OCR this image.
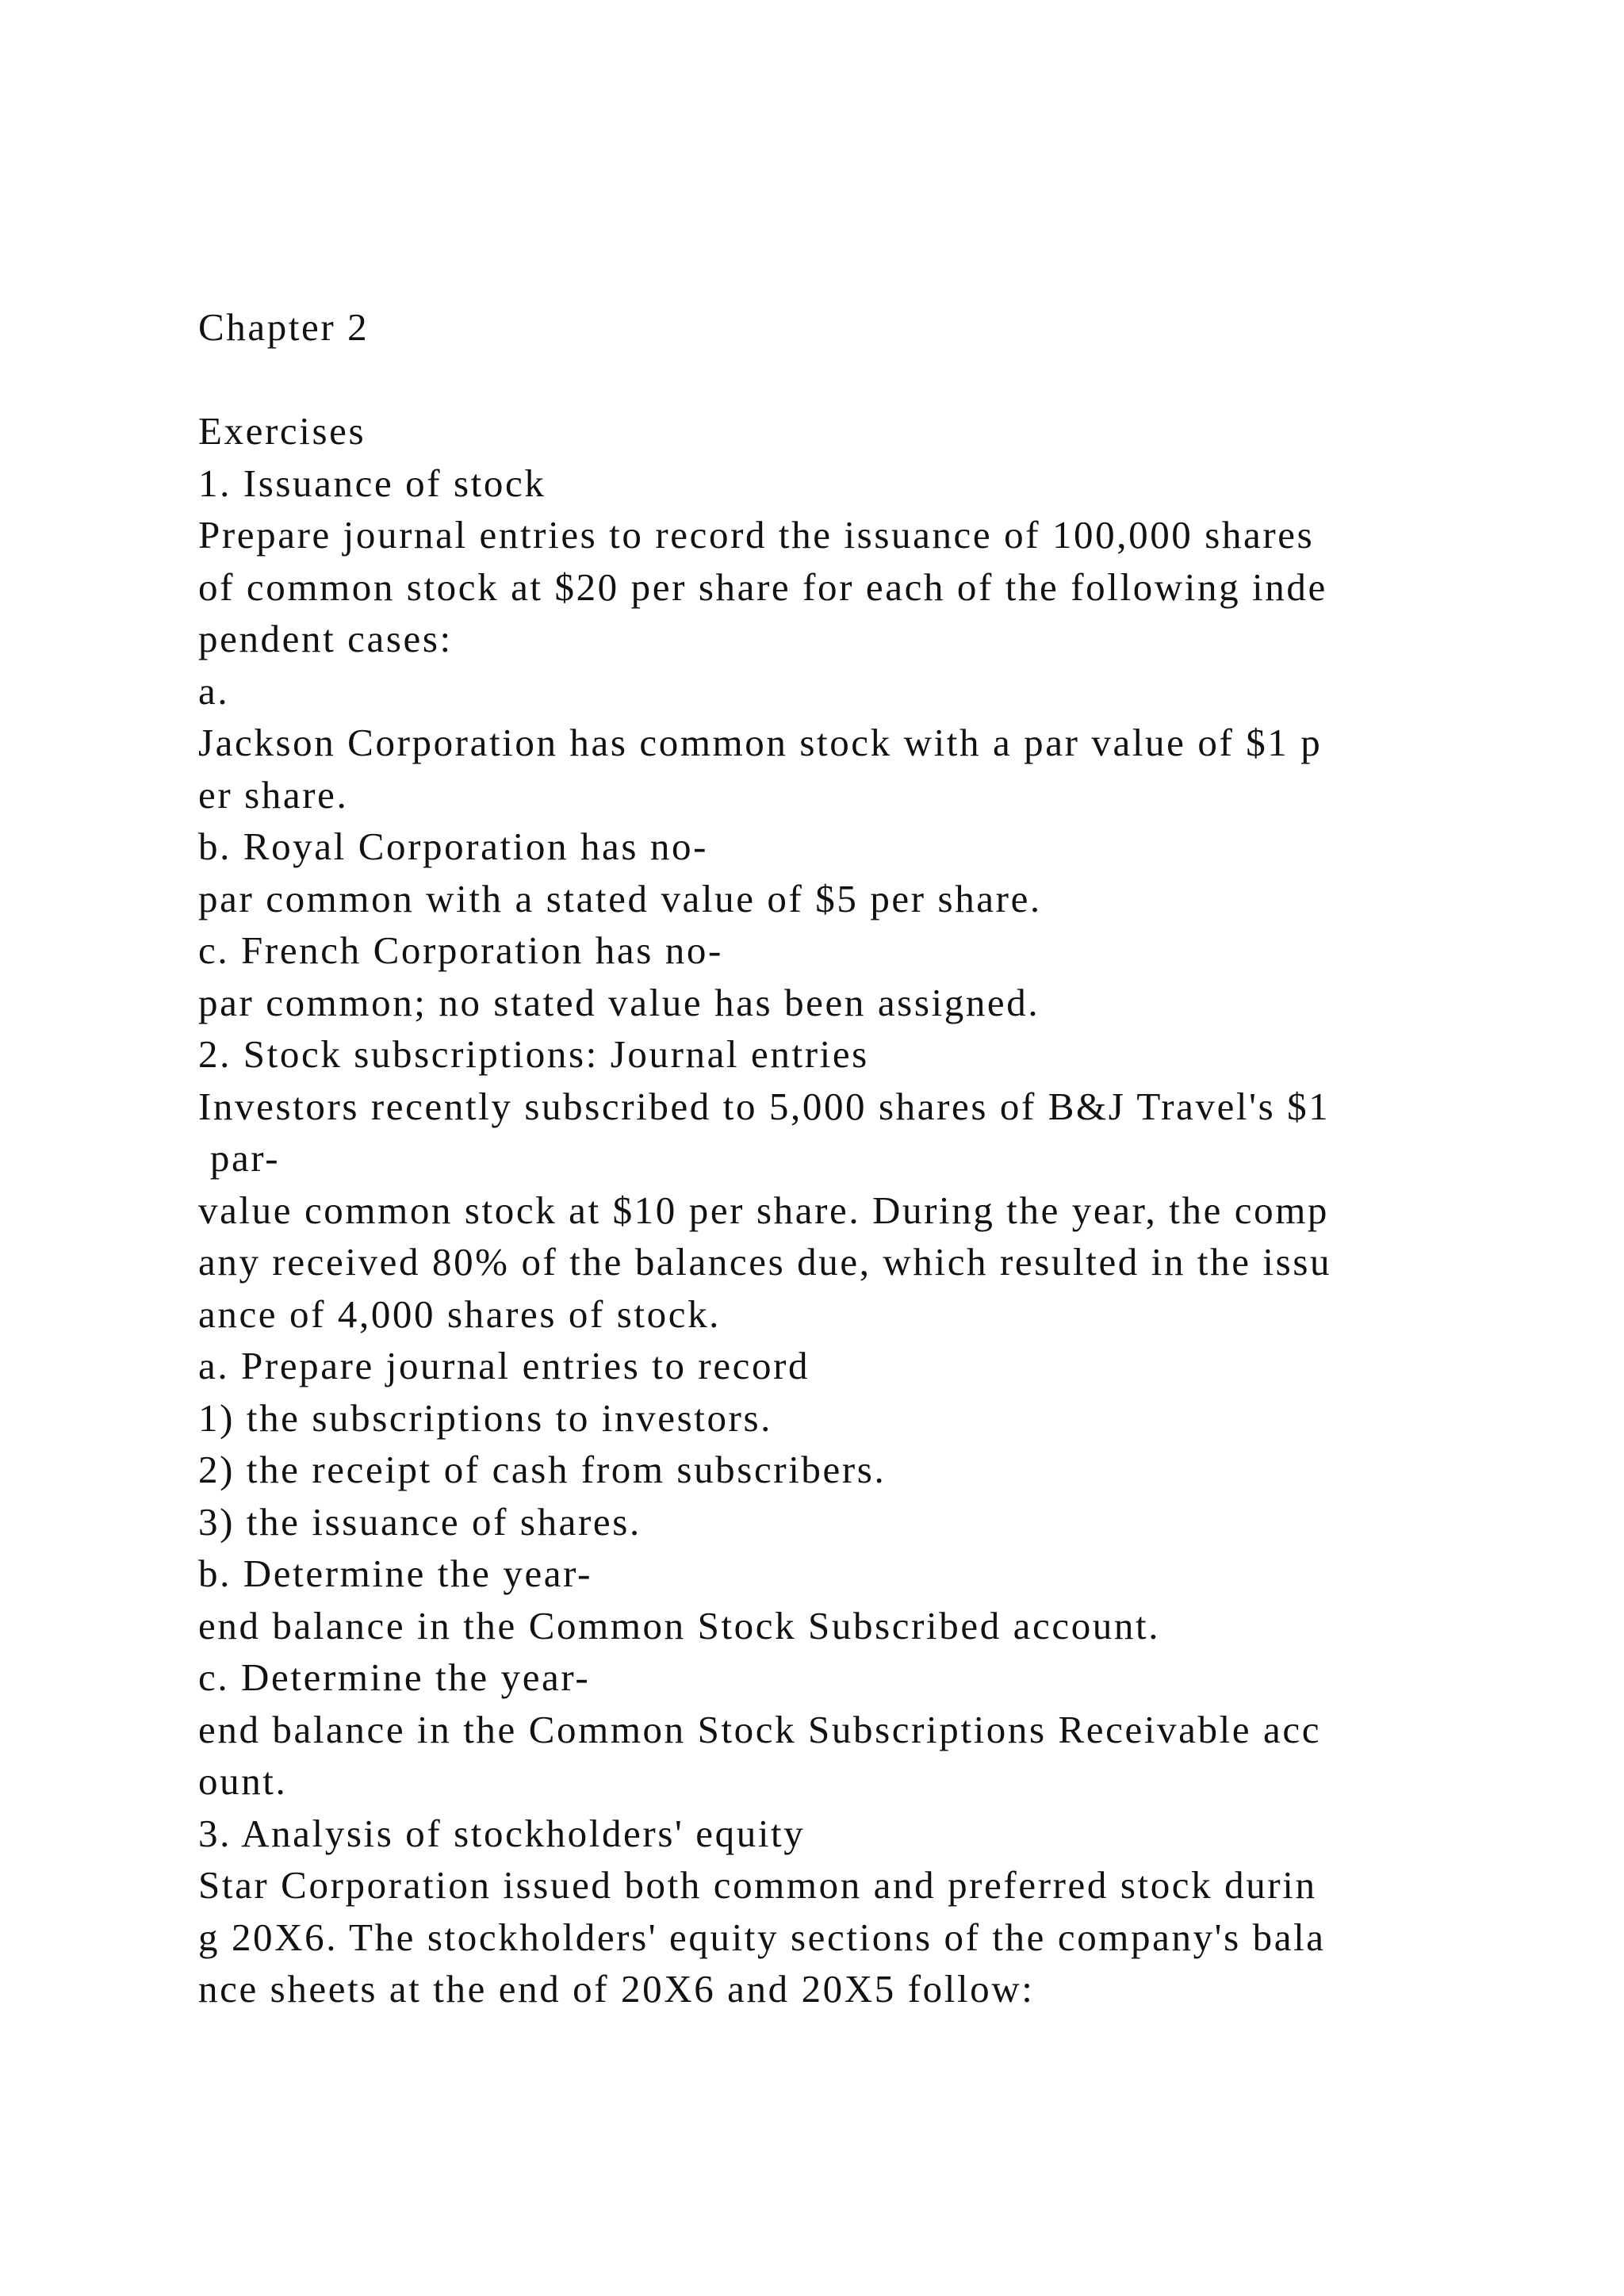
Chapter 2
Exercises
1. Issuance of stock
Prepare journal entries to record the issuance of 100,000 shares
of common stock at $20 per share for each of the following inde
pendent cases:
a.
Jackson Corporation has common stock with a par value of $1 p
er share.
b. Royal Corporation has no-
par common with a stated value of $5 per share.
c. French Corporation has no-
par common; no stated value has been assigned.
2. Stock subscriptions: Journal entries
Investors recently subscribed to 5,000 shares of B&J Travel's $1
par-
value common stock at $10 per share. During the year, the comp
any received 80% of the balances due, which resulted in the issu
ance of 4,000 shares of stock.
a. Prepare journal entries to record
1) the subscriptions to investors.
2) the receipt of cash from subscribers.
3) the issuance of shares.
b. Determine the year-
end balance in the Common Stock Subscribed account.
c. Determine the year-
end balance in the Common Stock Subscriptions Receivable acc
ount.
3. Analysis of stockholders' equity
Star Corporation issued both common and preferred stock durin
g 20X6. The stockholders' equity sections of the company's bala
nce sheets at the end of 20X6 and 20X5 follow:
